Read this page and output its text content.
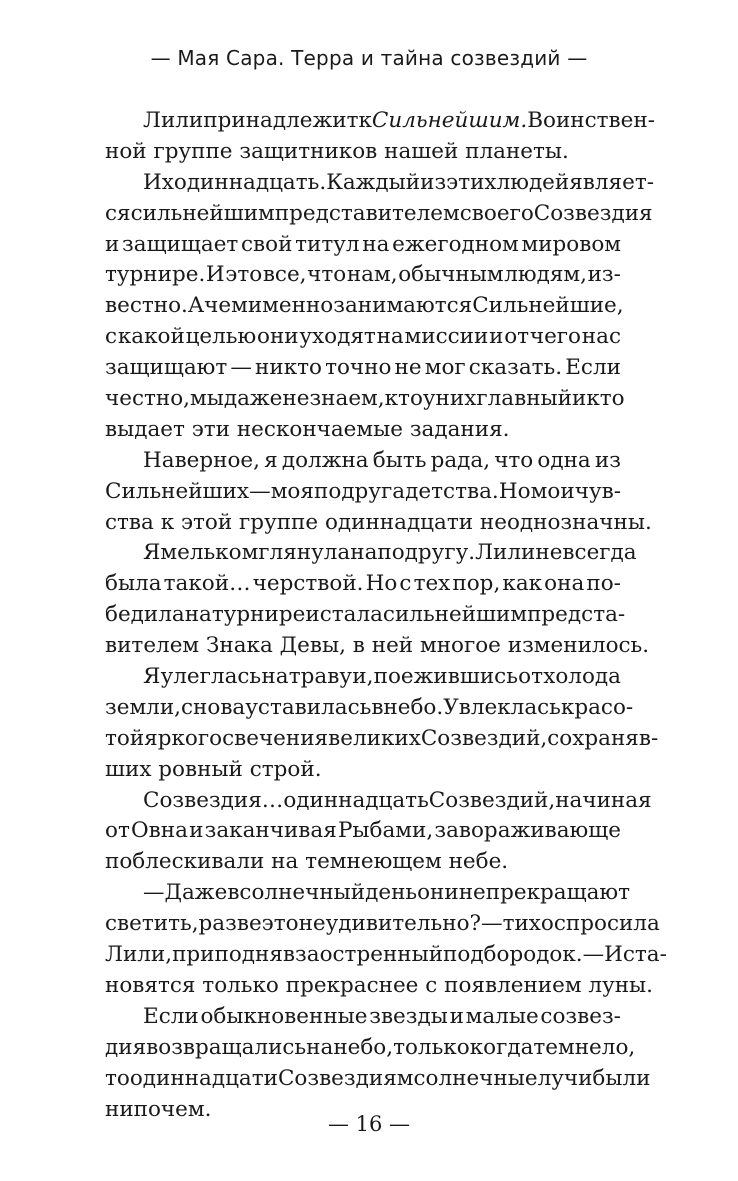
— Мая Сара. Терра и тайна созвездий —
Лили принадлежит к Сильнейшим. Воинствен-
ной
группе
защитников
нашей
планеты.
Их одиннадцать. Каждый из этих людей являет-
ся сильнейшим представителем своего Созвездия
и защищает свой титул на ежегодном мировом
турнире. И это все, что нам, обычным людям, из-
вестно. А чем именно занимаются Сильнейшие,
с какой целью они уходят на миссии и от чего нас
защищают — никто точно не мог сказать. Если
честно, мы даже не знаем, кто у них главный и кто
выдает
эти
нескончаемые
задания.
Наверное, я должна быть рада, что одна из
Сильнейших — моя подруга детства. Но мои чув-
ства
к
этой
группе
одиннадцати
неоднозначны.
Я мельком глянула на подругу. Лили не всегда
была такой… черствой. Но с тех пор, как она по-
бедила на турнире и стала сильнейшим предста-
вителем
Знака
Девы,
в
ней
многое
изменилось.
Я улеглась на траву и, поежившись от холода
земли, снова уставилась в небо. Увлеклась красо-
той яркого свечения великих Созвездий, сохраняв-
ших
ровный
строй.
Созвездия… одиннадцать Созвездий, начиная
от Овна и заканчивая Рыбами, завораживающе
поблескивали
на
темнеющем
небе.
— Даже в солнечный день они не прекращают
светить, разве это не удивительно? — тихо спросила
Лили, приподняв заостренный подбородок. — И ста-
новятся
только
прекраснее
с
появлением
луны.
Если обыкновенные звезды и малые созвез-
дия возвращались на небо, только когда темнело,
то одиннадцати Созвездиям солнечные лучи были
нипочем.
— 16 —
